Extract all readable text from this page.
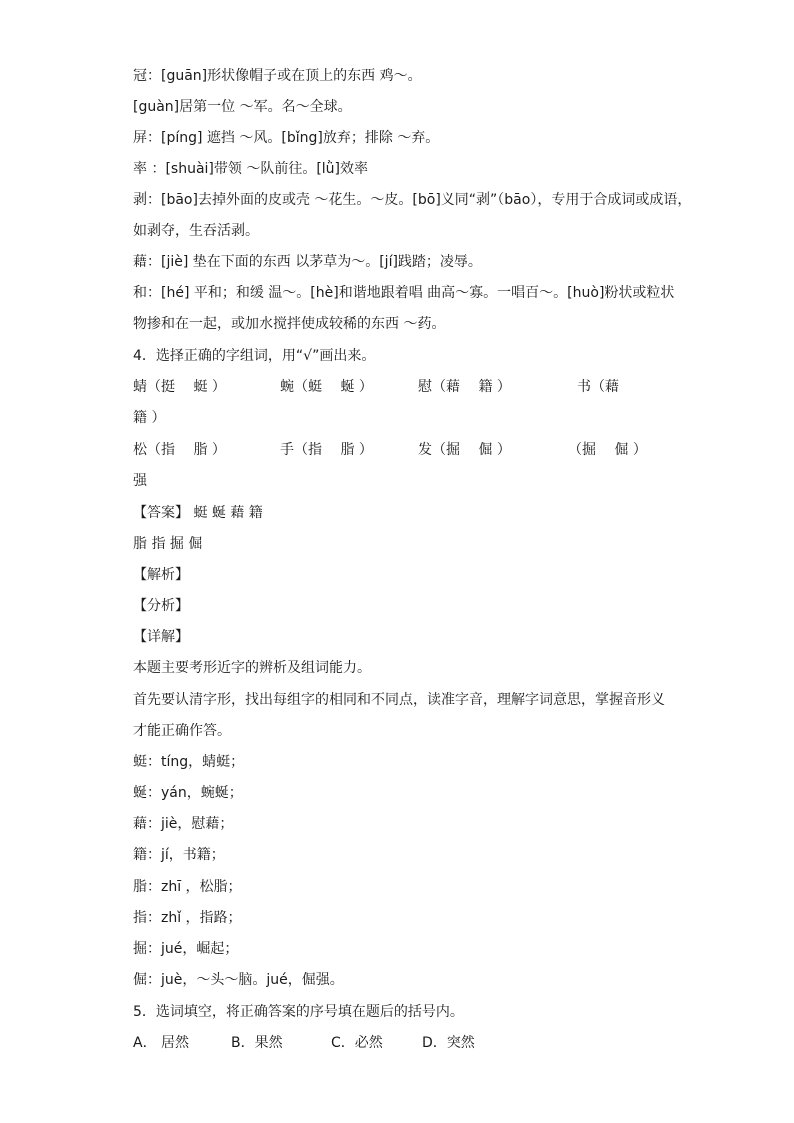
冠：[guān]形状像帽子或在顶上的东西 鸡～。
[guàn]居第一位 ～军。名～全球。
屏：[píng] 遮挡 ～风。[bǐng]放弃；排除 ～弃。
率 ：[shuài]带领 ～队前往。[lǜ]效率
剥：[bāo]去掉外面的皮或壳 ～花生。～皮。[bō]义同“剥”（bāo），专用于合成词或成语，
如剥夺，生吞活剥。
藉：[jiè] 垫在下面的东西 以茅草为～。[jí]践踏；凌辱。
和：[hé] 平和；和缓 温～。[hè]和谐地跟着唱 曲高～寡。一唱百～。[huò]粉状或粒状
物掺和在一起，或加水搅拌使成较稀的东西 ～药。
4．选择正确的字组词，用“√”画出来。
蜻（挺　 蜓 ）	蜿（蜓　 蜒 ）	慰（藉　 籍 ）	书（藉
籍 ）
松（指　 脂 ）	手（指　 脂 ）	发（掘　 倔 ）	（掘　 倔 ）
强
【答案】 蜓 蜒 藉 籍
脂 指 掘 倔
【解析】
【分析】
【详解】
本题主要考形近字的辨析及组词能力。
首先要认清字形，找出每组字的相同和不同点，读准字音，理解字词意思，掌握音形义
才能正确作答。
蜓：tíng，蜻蜓；
蜒：yán，蜿蜒；
藉：jiè，慰藉；
籍：jí，书籍；
脂：zhī ，松脂；
指：zhǐ ，指路；
掘：jué，崛起；
倔：juè，～头～脑。jué，倔强。
5．选词填空，将正确答案的序号填在题后的括号内。
A． 居然	B．果然	C．必然	D．突然
